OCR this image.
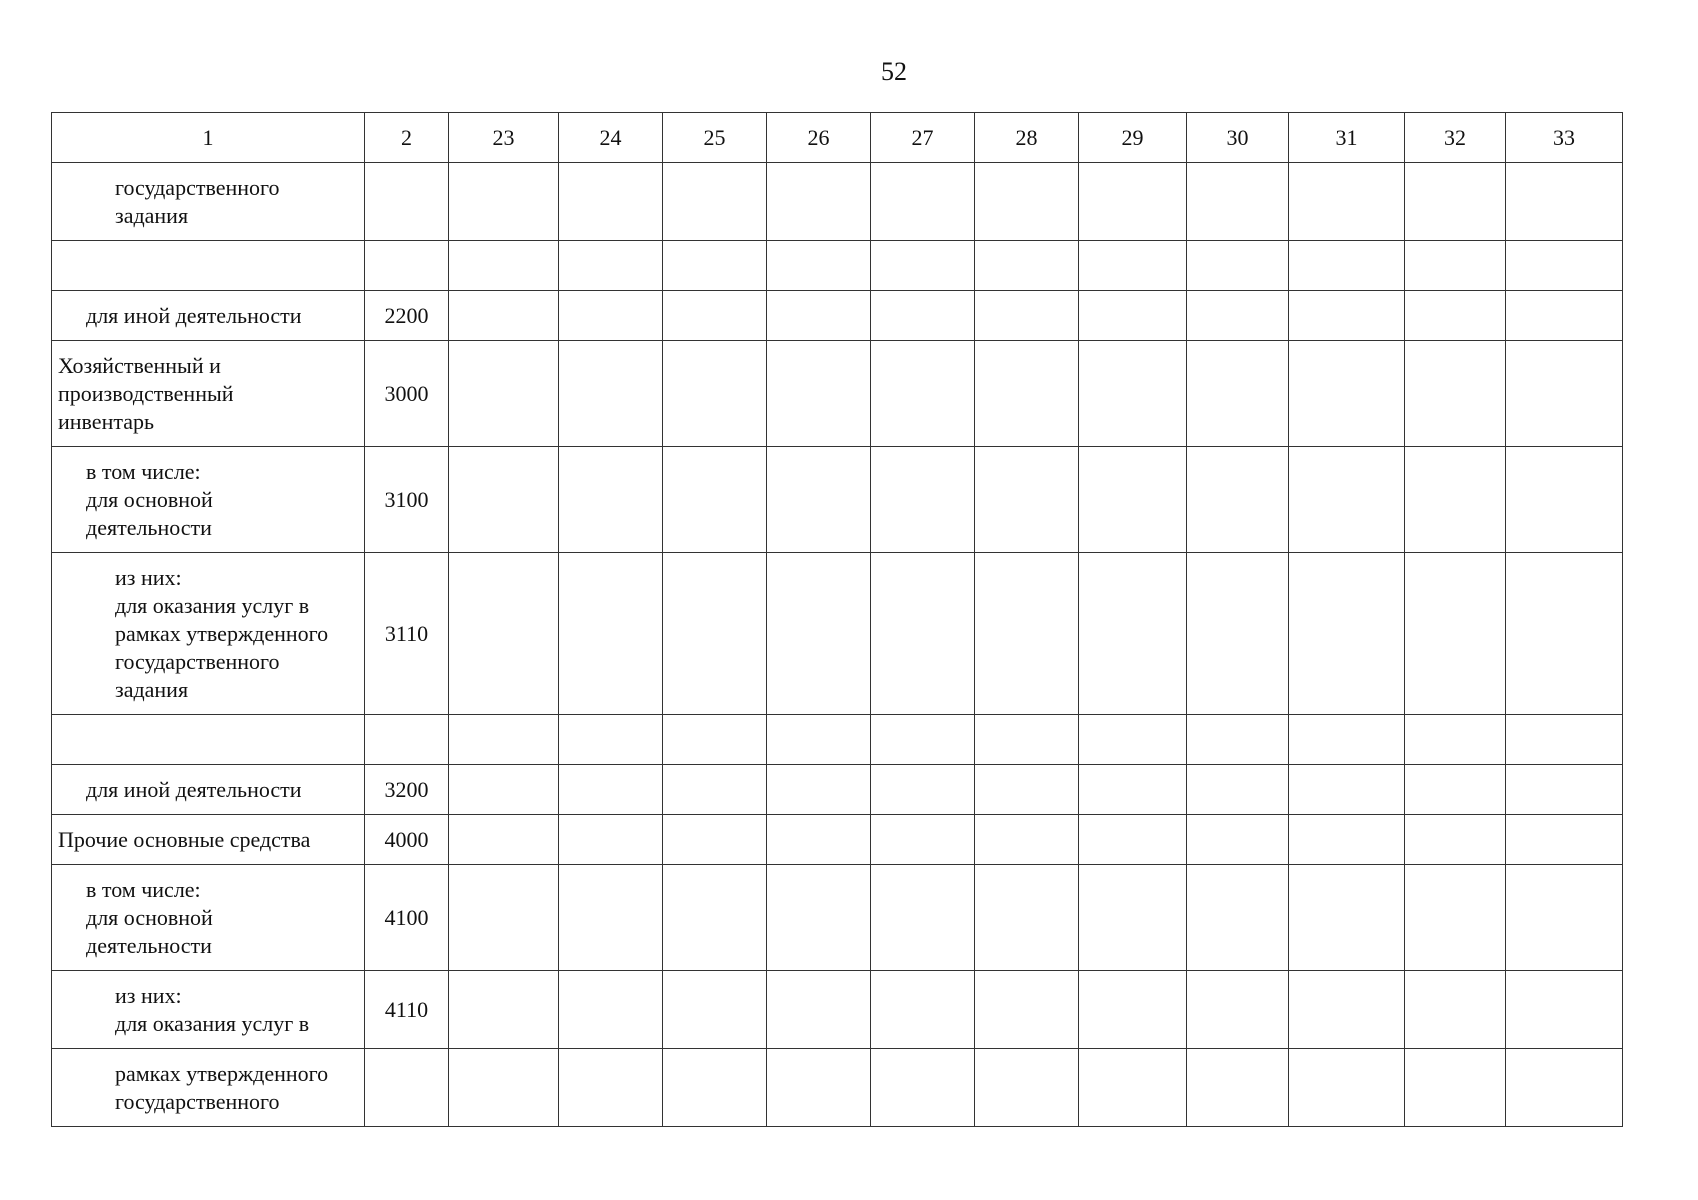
52
1	2	23	24	25	26	27	28	29	30	31	32	33

государственного
задания												

для иной деятельности	2200											

Хозяйственный и
производственный
инвентарь	3000											

в том числе:
для основной
деятельности	3100											

из них:
для оказания услуг в
рамках утвержденного
государственного
задания	3110											

для иной деятельности	3200											

Прочие основные средства	4000											

в том числе:
для основной
деятельности	4100											

из них:
для оказания услуг в	4110											

рамках утвержденного
государственного												
